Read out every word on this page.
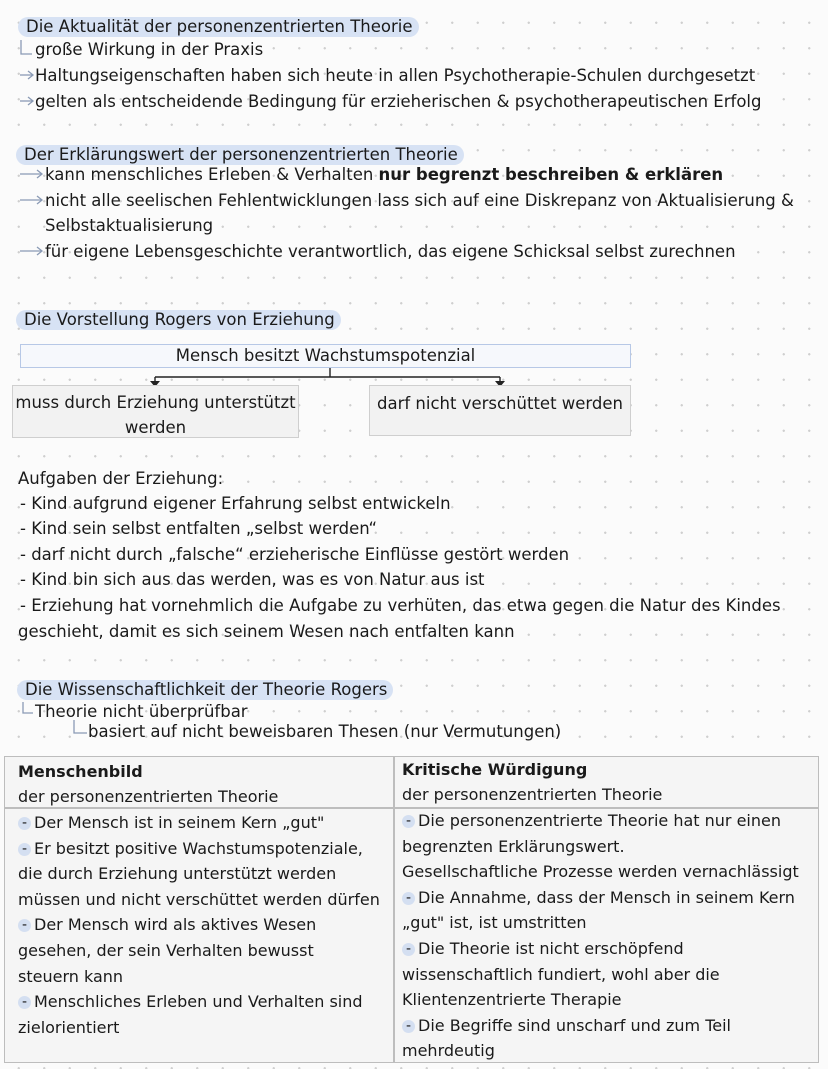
Die Aktualität der personenzentrierten Theorie
große Wirkung in der Praxis
Haltungseigenschaften haben sich heute in allen Psychotherapie-Schulen durchgesetzt
gelten als entscheidende Bedingung für erzieherischen & psychotherapeutischen Erfolg
Der Erklärungswert der personenzentrierten Theorie
kann menschliches Erleben & Verhalten nur begrenzt beschreiben & erklären
nicht alle seelischen Fehlentwicklungen lass sich auf eine Diskrepanz von Aktualisierung &
Selbstaktualisierung
für eigene Lebensgeschichte verantwortlich, das eigene Schicksal selbst zurechnen
Die Vorstellung Rogers von Erziehung
Mensch besitzt Wachstumspotenzial
muss durch Erziehung unterstützt
werden
darf nicht verschüttet werden
Aufgaben der Erziehung:
- Kind aufgrund eigener Erfahrung selbst entwickeln
- Kind sein selbst entfalten „selbst werden“
- darf nicht durch „falsche“ erzieherische Einflüsse gestört werden
- Kind bin sich aus das werden, was es von Natur aus ist
- Erziehung hat vornehmlich die Aufgabe zu verhüten, das etwa gegen die Natur des Kindes
geschieht, damit es sich seinem Wesen nach entfalten kann
Die Wissenschaftlichkeit der Theorie Rogers
Theorie nicht überprüfbar
basiert auf nicht beweisbaren Thesen (nur Vermutungen)
Menschenbild
der personenzentrierten Theorie
Kritische Würdigung
der personenzentrierten Theorie
- Der Mensch ist in seinem Kern „gut"
- Er besitzt positive Wachstumspotenziale,
die durch Erziehung unterstützt werden
müssen und nicht verschüttet werden dürfen
- Der Mensch wird als aktives Wesen
gesehen, der sein Verhalten bewusst
steuern kann
- Menschliches Erleben und Verhalten sind
zielorientiert
- Die personenzentrierte Theorie hat nur einen
begrenzten Erklärungswert.
Gesellschaftliche Prozesse werden vernachlässigt
- Die Annahme, dass der Mensch in seinem Kern
„gut" ist, ist umstritten
- Die Theorie ist nicht erschöpfend
wissenschaftlich fundiert, wohl aber die
Klientenzentrierte Therapie
- Die Begriffe sind unscharf und zum Teil
mehrdeutig
